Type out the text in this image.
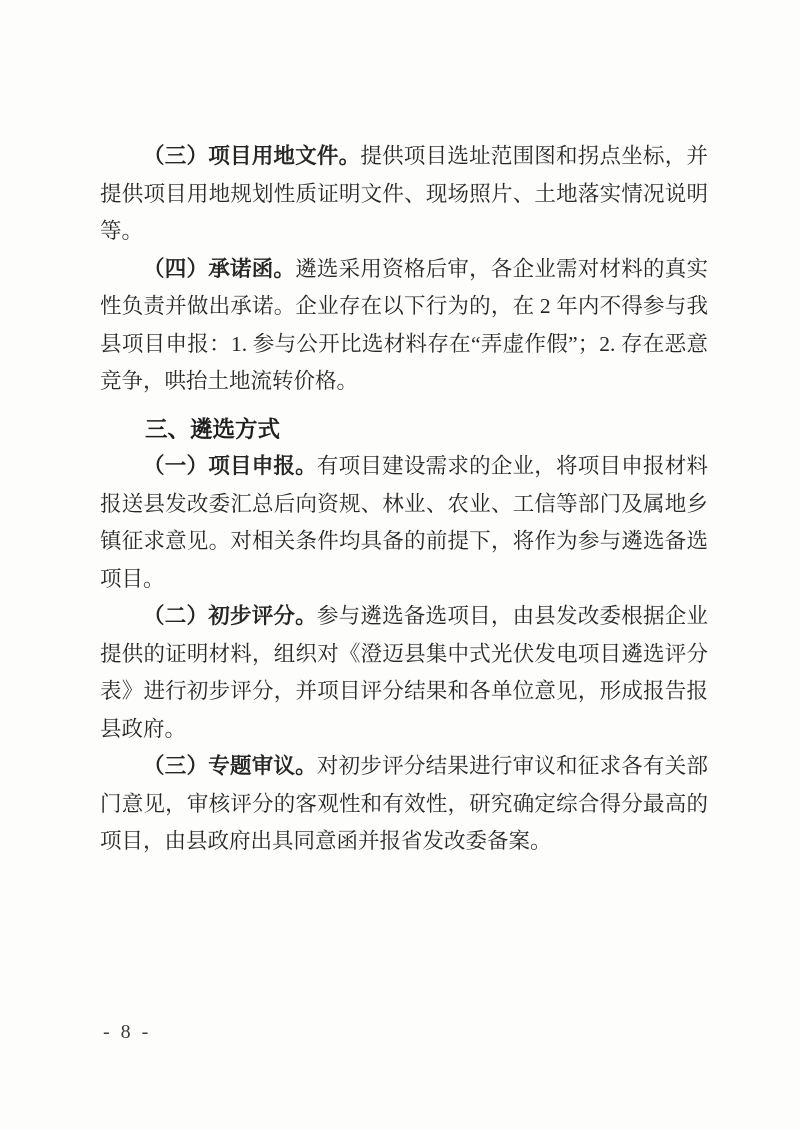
（三）项目用地文件。提供项目选址范围图和拐点坐标，并提供项目用地规划性质证明文件、现场照片、土地落实情况说明等。

（四）承诺函。遴选采用资格后审，各企业需对材料的真实性负责并做出承诺。企业存在以下行为的，在 2 年内不得参与我县项目申报：1. 参与公开比选材料存在“弄虚作假”；2. 存在恶意竞争，哄抬土地流转价格。

三、遴选方式

（一）项目申报。有项目建设需求的企业，将项目申报材料报送县发改委汇总后向资规、林业、农业、工信等部门及属地乡镇征求意见。对相关条件均具备的前提下，将作为参与遴选备选项目。

（二）初步评分。参与遴选备选项目，由县发改委根据企业提供的证明材料，组织对《澄迈县集中式光伏发电项目遴选评分表》进行初步评分，并项目评分结果和各单位意见，形成报告报县政府。

（三）专题审议。对初步评分结果进行审议和征求各有关部门意见，审核评分的客观性和有效性，研究确定综合得分最高的项目，由县政府出具同意函并报省发改委备案。

- 8 -
